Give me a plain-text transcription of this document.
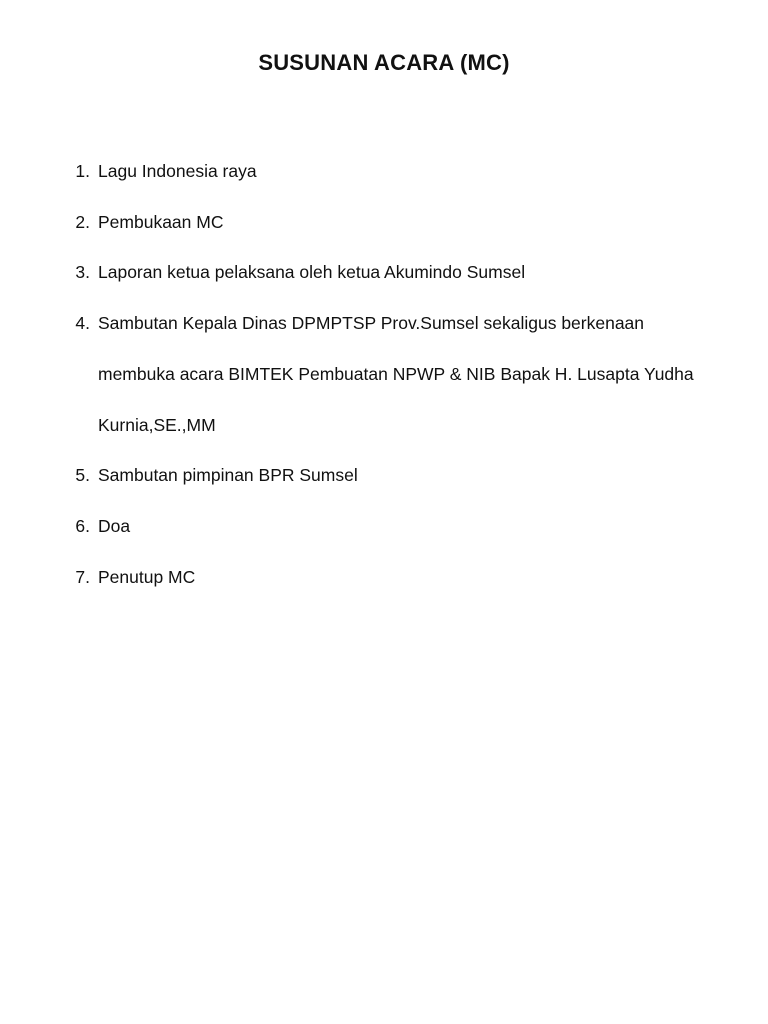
SUSUNAN ACARA (MC)
1. Lagu Indonesia raya
2. Pembukaan MC
3. Laporan ketua pelaksana oleh ketua Akumindo Sumsel
4. Sambutan Kepala Dinas DPMPTSP Prov.Sumsel sekaligus berkenaan membuka acara BIMTEK Pembuatan NPWP & NIB Bapak H. Lusapta Yudha Kurnia,SE.,MM
5. Sambutan pimpinan BPR Sumsel
6. Doa
7. Penutup MC
